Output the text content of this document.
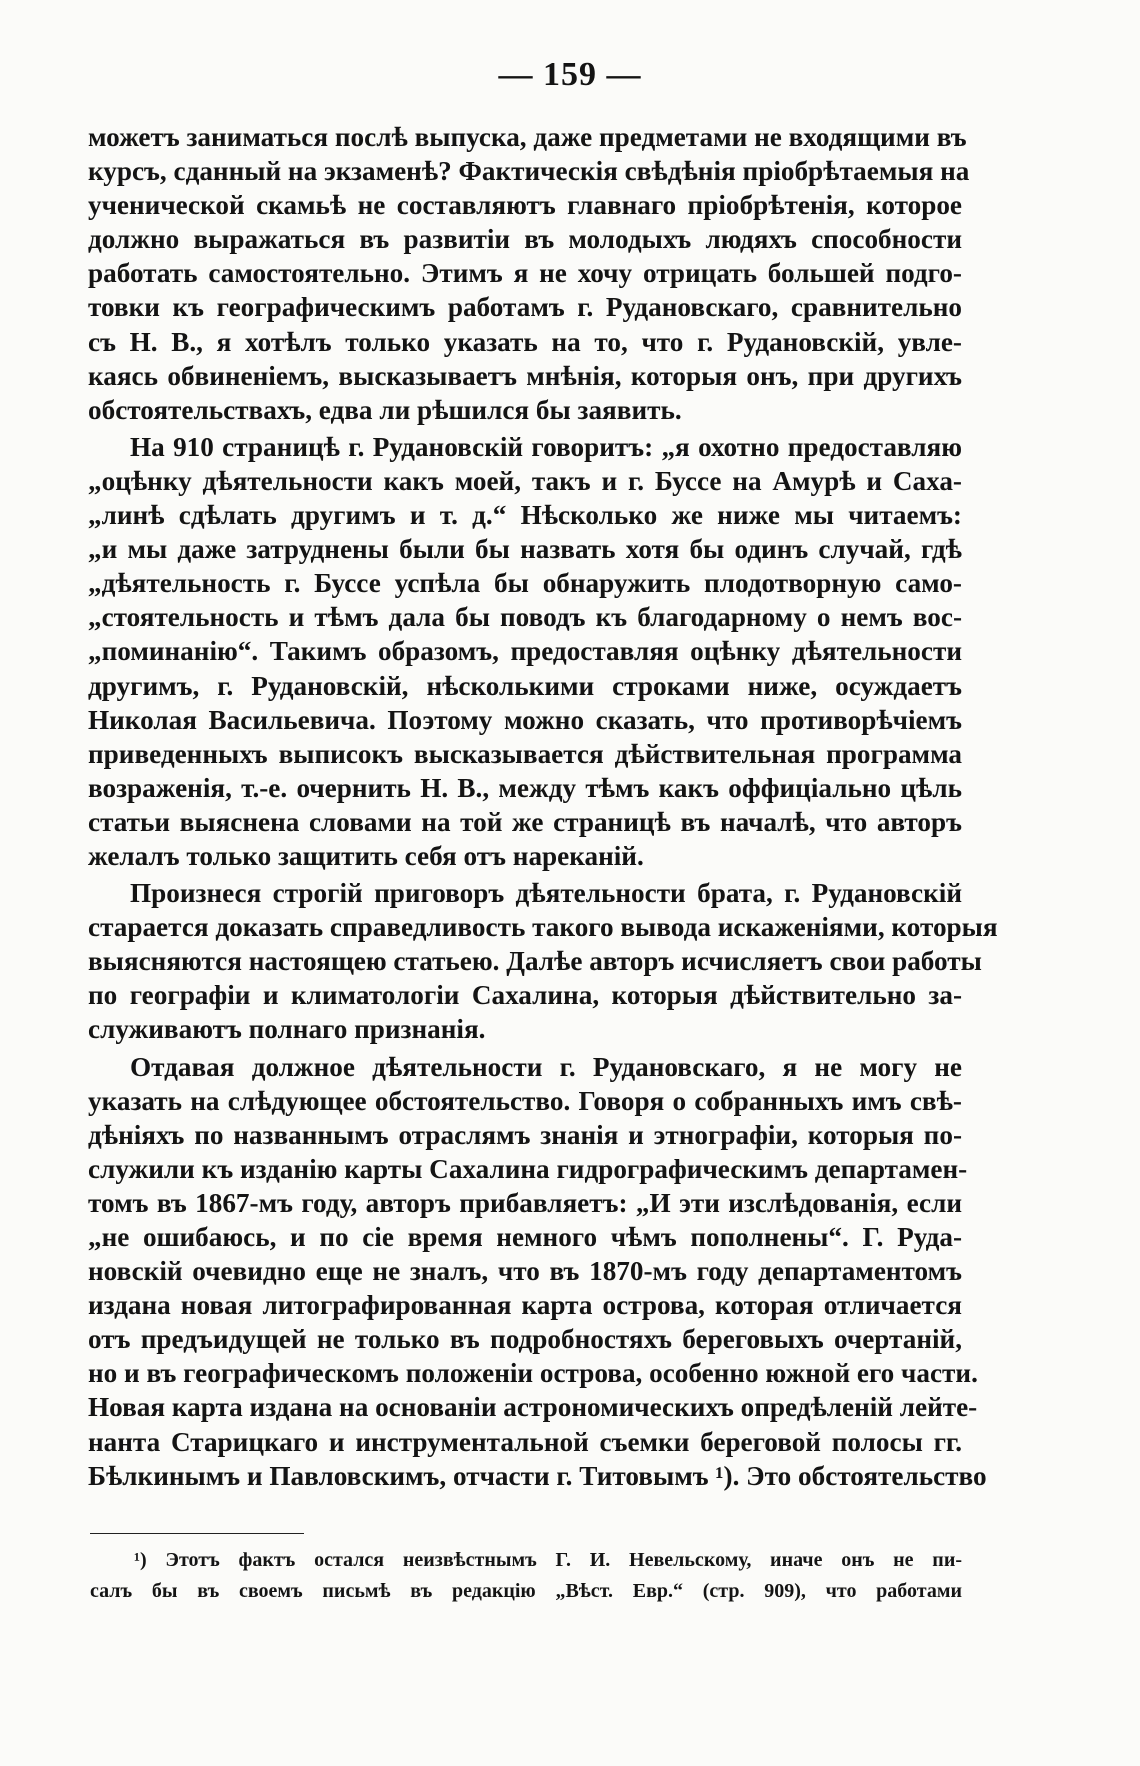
— 159 —

можетъ заниматься послѣ выпуска, даже предметами не входящими въ
курсъ, сданный на экзаменѣ? Фактическія свѣдѣнія пріобрѣтаемыя на
ученической скамьѣ не составляютъ главнаго пріобрѣтенія, которое
должно выражаться въ развитіи въ молодыхъ людяхъ способности
работать самостоятельно. Этимъ я не хочу отрицать большей подго-
товки къ географическимъ работамъ г. Рудановскаго, сравнительно
съ Н. В., я хотѣлъ только указать на то, что г. Рудановскій, увле-
каясь обвиненіемъ, высказываетъ мнѣнія, которыя онъ, при другихъ
обстоятельствахъ, едва ли рѣшился бы заявить.

На 910 страницѣ г. Рудановскій говоритъ: „я охотно предоставляю
„оцѣнку дѣятельности какъ моей, такъ и г. Буссе на Амурѣ и Саха-
„линѣ сдѣлать другимъ и т. д.“ Нѣсколько же ниже мы читаемъ:
„и мы даже затруднены были бы назвать хотя бы одинъ случай, гдѣ
„дѣятельность г. Буссе успѣла бы обнаружить плодотворную само-
„стоятельность и тѣмъ дала бы поводъ къ благодарному о немъ вос-
„поминанію“. Такимъ образомъ, предоставляя оцѣнку дѣятельности
другимъ, г. Рудановскій, нѣсколькими строками ниже, осуждаетъ
Николая Васильевича. Поэтому можно сказать, что противорѣчіемъ
приведенныхъ выписокъ высказывается дѣйствительная программа
возраженія, т.-е. очернить Н. В., между тѣмъ какъ оффиціально цѣль
статьи выяснена словами на той же страницѣ въ началѣ, что авторъ
желалъ только защитить себя отъ нареканій.

Произнеся строгій приговоръ дѣятельности брата, г. Рудановскій
старается доказать справедливость такого вывода искаженіями, которыя
выясняются настоящею статьею. Далѣе авторъ исчисляетъ свои работы
по географіи и климатологіи Сахалина, которыя дѣйствительно за-
служиваютъ полнаго признанія.

Отдавая должное дѣятельности г. Рудановскаго, я не могу не
указать на слѣдующее обстоятельство. Говоря о собранныхъ имъ свѣ-
дѣніяхъ по названнымъ отраслямъ знанія и этнографіи, которыя по-
служили къ изданію карты Сахалина гидрографическимъ департамен-
томъ въ 1867-мъ году, авторъ прибавляетъ: „И эти изслѣдованія, если
„не ошибаюсь, и по сіе время немного чѣмъ пополнены“. Г. Руда-
новскій очевидно еще не зналъ, что въ 1870-мъ году департаментомъ
издана новая литографированная карта острова, которая отличается
отъ предъидущей не только въ подробностяхъ береговыхъ очертаній,
но и въ географическомъ положеніи острова, особенно южной его части.
Новая карта издана на основаніи астрономическихъ опредѣленій лейте-
нанта Старицкаго и инструментальной съемки береговой полосы гг.
Бѣлкинымъ и Павловскимъ, отчасти г. Титовымъ ¹). Это обстоятельство

¹) Этотъ фактъ остался неизвѣстнымъ Г. И. Невельскому, иначе онъ не пи-
салъ бы въ своемъ письмѣ въ редакцію „Вѣст. Евр.“ (стр. 909), что работами
